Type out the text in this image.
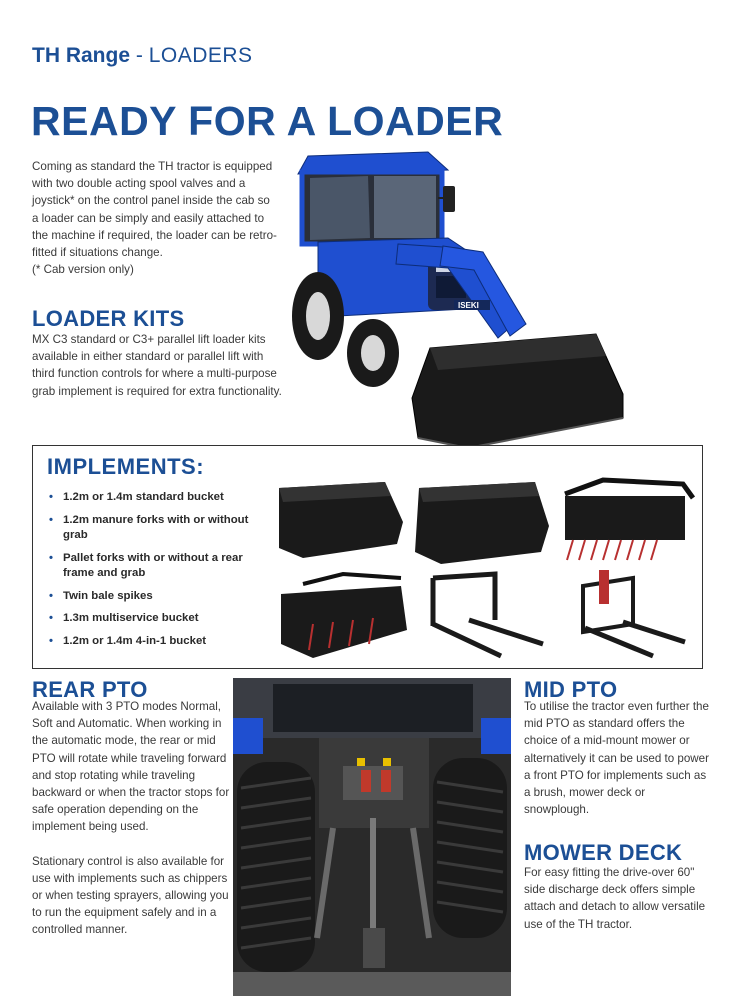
TH Range - LOADERS
READY FOR A LOADER

Coming as standard the TH tractor is equipped with two double acting spool valves and a joystick* on the control panel inside the cab so a loader can be simply and easily attached to the machine if required, the loader can be retro-fitted if situations change.

(* Cab version only)

LOADER KITS

MX C3 standard or C3+ parallel lift loader kits available in either standard or parallel lift with third function controls for where a multi-purpose grab implement is required for extra functionality.

ISEKI
IMPLEMENTS:
• 1.2m or 1.4m standard bucket
• 1.2m manure forks with or without grab
• Pallet forks with or without a rear frame and grab
• Twin bale spikes
• 1.3m multiservice bucket
• 1.2m or 1.4m 4-in-1 bucket
REAR PTO

Available with 3 PTO modes Normal, Soft and Automatic. When working in the automatic mode, the rear or mid PTO will rotate while traveling forward and stop rotating while traveling backward or when the tractor stops for safe operation depending on the implement being used.

Stationary control is also available for use with implements such as chippers or when testing sprayers, allowing you to run the equipment safely and in a controlled manner.

MID PTO

To utilise the tractor even further the mid PTO as standard offers the choice of a mid-mount mower or alternatively it can be used to power a front PTO for implements such as a brush, mower deck or snowplough.

MOWER DECK

For easy fitting the drive-over 60" side discharge deck offers simple attach and detach to allow versatile use of the TH tractor.
